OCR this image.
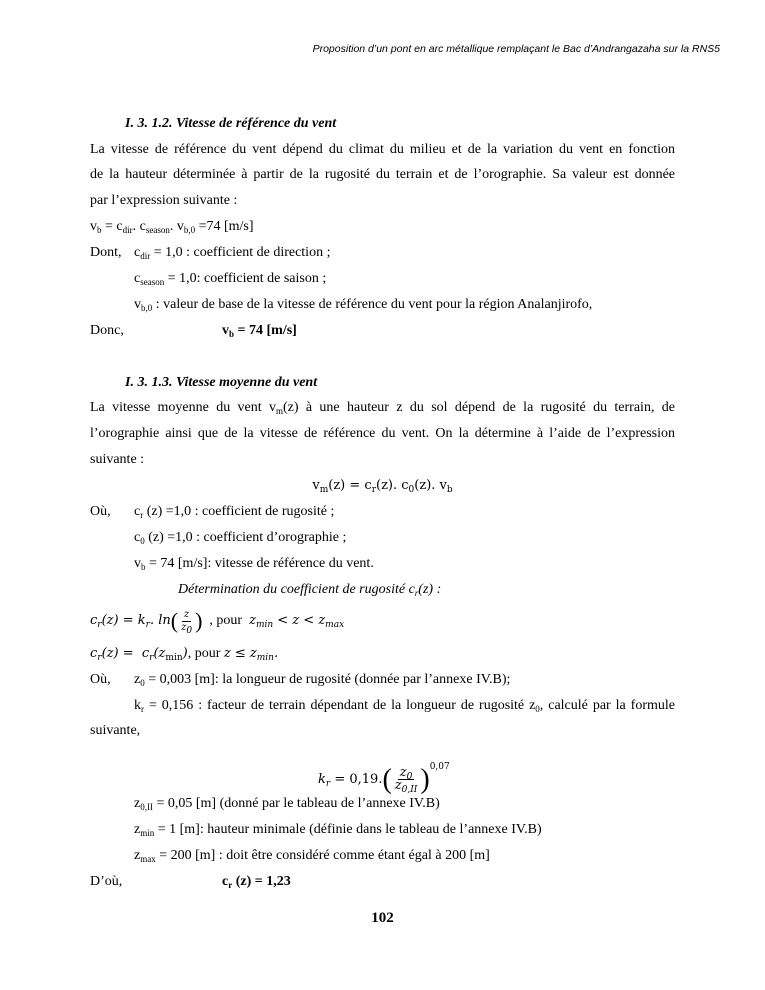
Proposition d’un pont en arc métallique remplaçant le Bac d’Andrangazaha sur la RNS5
I. 3. 1.2. Vitesse de référence du vent
La vitesse de référence du vent dépend du climat du milieu et de la variation du vent en fonction
de la hauteur déterminée à partir de la rugosité du terrain et de l’orographie. Sa valeur est donnée
par l’expression suivante :
$v_b = c_{dir}$. $c_{season}$. $v_{b,0} =74$ [m/s]
Dont, $c_{dir} = 1,0$ : coefficient de direction ;
$c_{season} = 1,0$: coefficient de saison ;
$v_{b,0}$ : valeur de base de la vitesse de référence du vent pour la région Analanjirofo,
Donc,	$v_b = 74$ [m/s]
I. 3. 1.3. Vitesse moyenne du vent
La vitesse moyenne du vent $v_m(z)$ à une hauteur z du sol dépend de la rugosité du terrain, de
l’orographie ainsi que de la vitesse de référence du vent. On la détermine à l’aide de l’expression
suivante :
$v_m(z) = c_r(z)$. $c_0(z)$. $v_b$
Où, $c_r$ (z) =1,0 : coefficient de rugosité ;
$c_0$ (z) =1,0 : coefficient d’orographie ;
$v_b = 74$ [m/s]: vitesse de référence du vent.
Détermination du coefficient de rugosité $c_r(z)$ :
$c_r(z) = k_r$. $\ln( \frac{z}{z_0}$ ) , pour $z_{min} < z < z_{max}$
$c_r(z) = c_r(z_{min})$, pour $z \le z_{min}$.
Où, $z_0 = 0,003$ [m]: la longueur de rugosité (donnée par l’annexe IV.B);
$k_r = 0,156$ : facteur de terrain dépendant de la longueur de rugosité $z_0$, calculé par la formule
suivante,
$k_r = 0,19.( \frac{z_0}{z_{0,II}} )^{0,07}$
$z_{0,II} = 0,05$ [m] (donné par le tableau de l’annexe IV.B)
$z_{min} = 1$ [m]: hauteur minimale (définie dans le tableau de l’annexe IV.B)
$z_{max} = 200$ [m] : doit être considéré comme étant égal à 200 [m]
D’où,	$c_r$ (z) = 1,23
102
